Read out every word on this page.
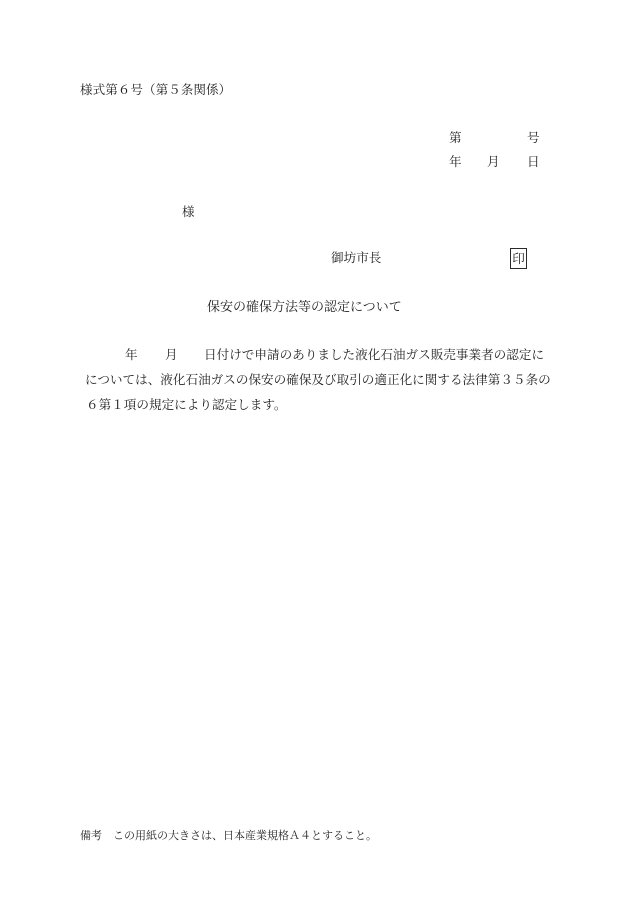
様式第６号（第５条関係）
第	号
年 月 日
様
御坊市長	印
保安の確保方法等の認定について
年 月 日付けで申請のありました液化石油ガス販売事業者の認定に
については、液化石油ガスの保安の確保及び取引の適正化に関する法律第３５条の
６第１項の規定により認定します。
備考　この用紙の大きさは、日本産業規格Ａ４とすること。
